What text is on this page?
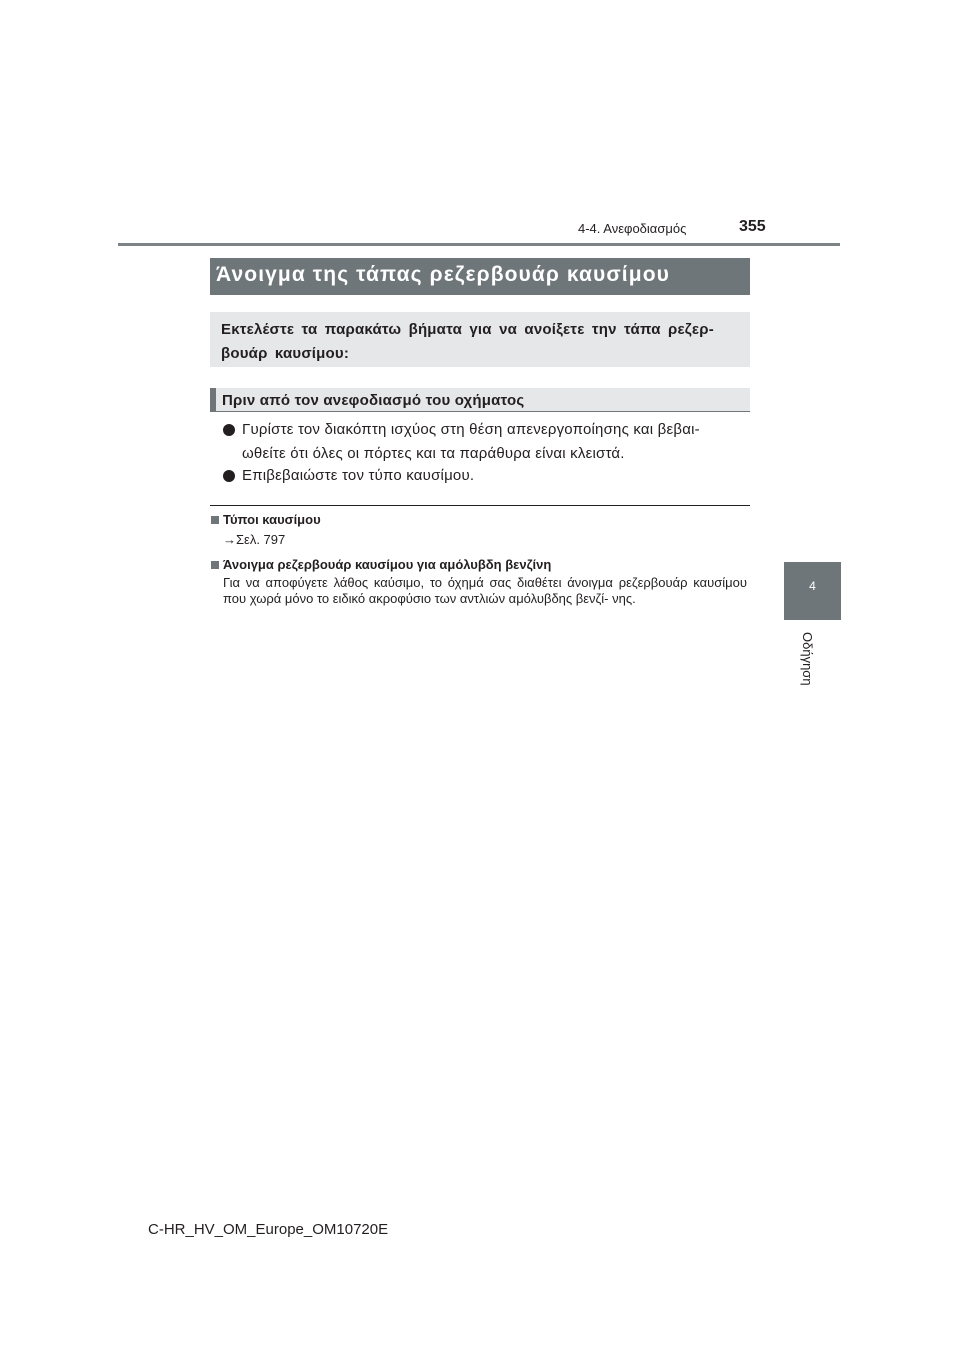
4-4. Ανεφοδιασμός	355
4
Οδήγηση
Άνοιγμα της τάπας ρεζερβουάρ καυσίμου
Εκτελέστε τα παρακάτω βήματα για να ανοίξετε την τάπα ρεζερ- βουάρ καυσίμου:
Πριν από τον ανεφοδιασμό του οχήματος
Γυρίστε τον διακόπτη ισχύος στη θέση απενεργοποίησης και βεβαι-
ωθείτε ότι όλες οι πόρτες και τα παράθυρα είναι κλειστά.
Επιβεβαιώστε τον τύπο καυσίμου.
Τύποι καυσίμου
→Σελ. 797
Άνοιγμα ρεζερβουάρ καυσίμου για αμόλυβδη βενζίνη
Για να αποφύγετε λάθος καύσιμο, το όχημά σας διαθέτει άνοιγμα ρεζερβουάρ καυσίμου που χωρά μόνο το ειδικό ακροφύσιο των αντλιών αμόλυβδης βενζί- νης.
C-HR_HV_OM_Europe_OM10720E
